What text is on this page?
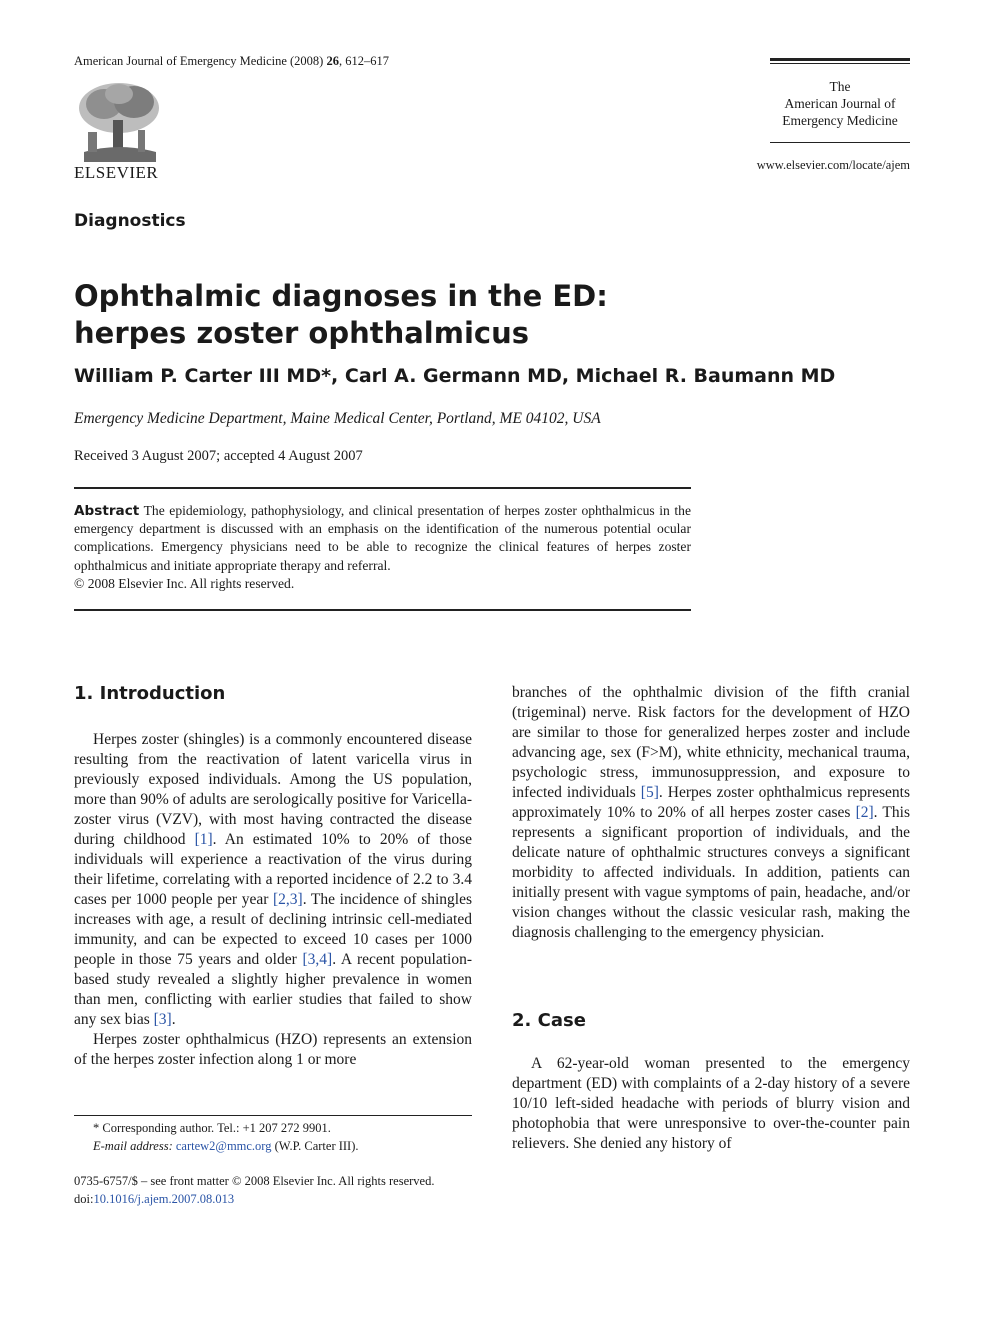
American Journal of Emergency Medicine (2008) 26, 612–617
ELSEVIER
The
American Journal of
Emergency Medicine
www.elsevier.com/locate/ajem
Diagnostics
Ophthalmic diagnoses in the ED:
herpes zoster ophthalmicus
William P. Carter III MD*, Carl A. Germann MD, Michael R. Baumann MD
Emergency Medicine Department, Maine Medical Center, Portland, ME 04102, USA
Received 3 August 2007; accepted 4 August 2007
Abstract The epidemiology, pathophysiology, and clinical presentation of herpes zoster ophthalmicus in the emergency department is discussed with an emphasis on the identification of the numerous potential ocular complications. Emergency physicians need to be able to recognize the clinical features of herpes zoster ophthalmicus and initiate appropriate therapy and referral.
© 2008 Elsevier Inc. All rights reserved.
1. Introduction

Herpes zoster (shingles) is a commonly encountered disease resulting from the reactivation of latent varicella virus in previously exposed individuals. Among the US population, more than 90% of adults are serologically positive for Varicella-zoster virus (VZV), with most having contracted the disease during childhood [1]. An estimated 10% to 20% of those individuals will experience a reactivation of the virus during their lifetime, correlating with a reported incidence of 2.2 to 3.4 cases per 1000 people per year [2,3]. The incidence of shingles increases with age, a result of declining intrinsic cell-mediated immunity, and can be expected to exceed 10 cases per 1000 people in those 75 years and older [3,4]. A recent population-based study revealed a slightly higher prevalence in women than men, conflicting with earlier studies that failed to show any sex bias [3].

Herpes zoster ophthalmicus (HZO) represents an extension of the herpes zoster infection along 1 or more

branches of the ophthalmic division of the fifth cranial (trigeminal) nerve. Risk factors for the development of HZO are similar to those for generalized herpes zoster and include advancing age, sex (F>M), white ethnicity, mechanical trauma, psychologic stress, immunosuppression, and exposure to infected individuals [5]. Herpes zoster ophthalmicus represents approximately 10% to 20% of all herpes zoster cases [2]. This represents a significant proportion of individuals, and the delicate nature of ophthalmic structures conveys a significant morbidity to affected individuals. In addition, patients can initially present with vague symptoms of pain, headache, and/or vision changes without the classic vesicular rash, making the diagnosis challenging to the emergency physician.

2. Case

A 62-year-old woman presented to the emergency department (ED) with complaints of a 2-day history of a severe 10/10 left-sided headache with periods of blurry vision and photophobia that were unresponsive to over-the-counter pain relievers. She denied any history of

* Corresponding author. Tel.: +1 207 272 9901.
E-mail address: cartew2@mmc.org (W.P. Carter III).
0735-6757/$ – see front matter © 2008 Elsevier Inc. All rights reserved.
doi:10.1016/j.ajem.2007.08.013
